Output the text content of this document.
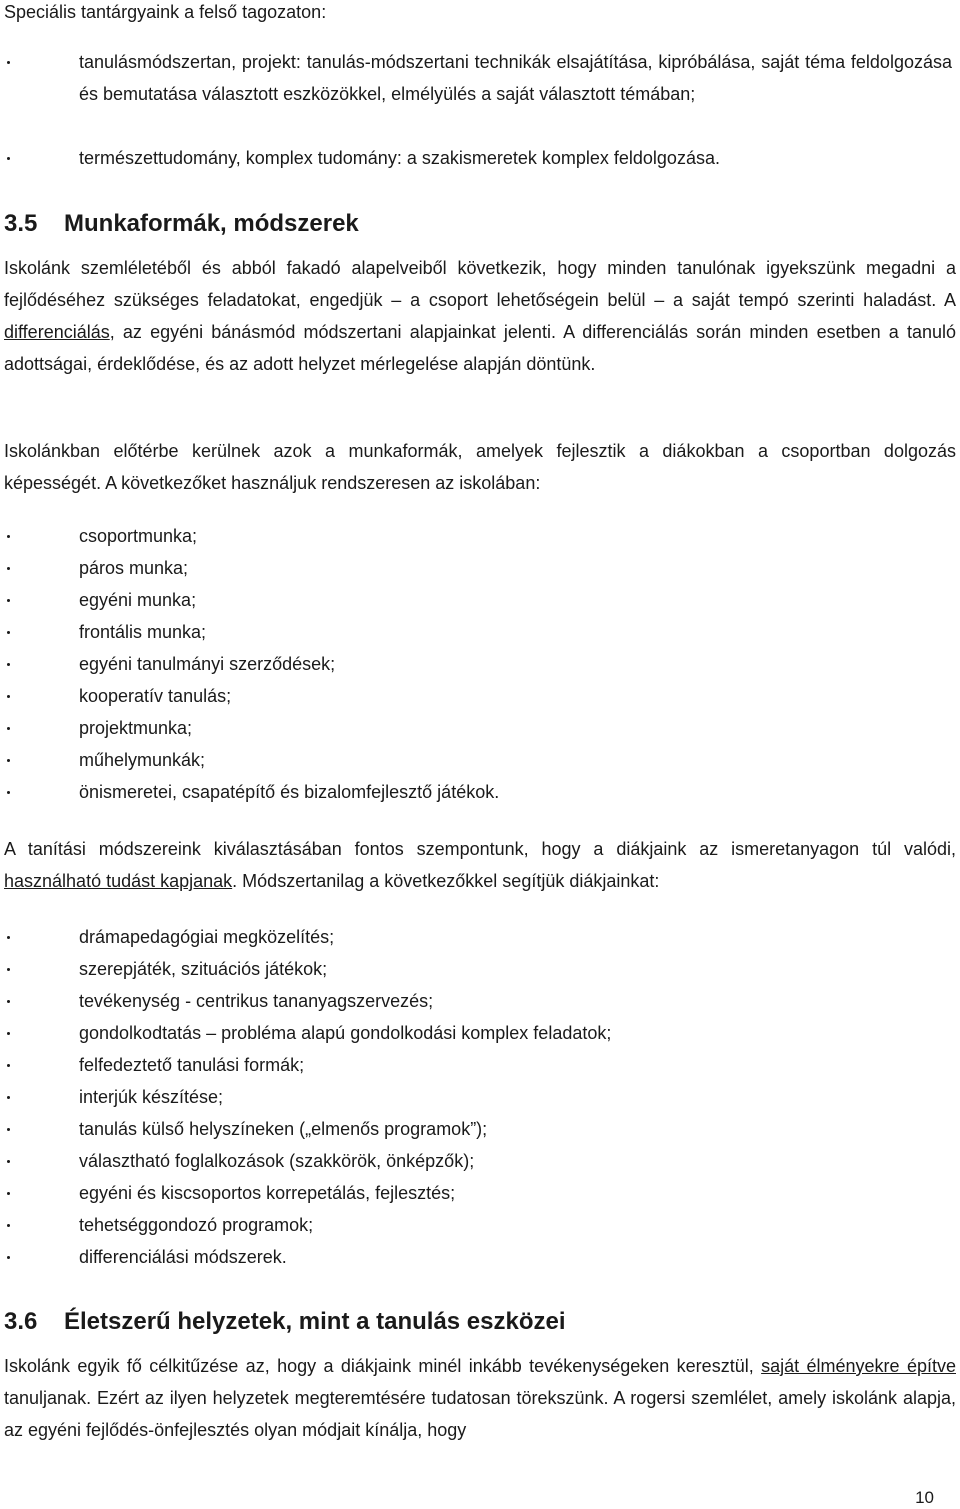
Speciális tantárgyaink a felső tagozaton:

tanulásmódszertan, projekt: tanulás-módszertani technikák elsajátítása, kipróbálása, saját téma feldolgozása és bemutatása választott eszközökkel, elmélyülés a saját választott témában;
természettudomány, komplex tudomány: a szakismeretek komplex feldolgozása.
3.5 Munkaformák, módszerek

Iskolánk szemléletéből és abból fakadó alapelveiből következik, hogy minden tanulónak igyekszünk megadni a fejlődéséhez szükséges feladatokat, engedjük – a csoport lehetőségein belül – a saját tempó szerinti haladást. A differenciálás, az egyéni bánásmód módszertani alapjainkat jelenti. A differenciálás során minden esetben a tanuló adottságai, érdeklődése, és az adott helyzet mérlegelése alapján döntünk.

Iskolánkban előtérbe kerülnek azok a munkaformák, amelyek fejlesztik a diákokban a csoportban dolgozás képességét. A következőket használjuk rendszeresen az iskolában:

csoportmunka;
páros munka;
egyéni munka;
frontális munka;
egyéni tanulmányi szerződések;
kooperatív tanulás;
projektmunka;
műhelymunkák;
önismeretei, csapatépítő és bizalomfejlesztő játékok.

A tanítási módszereink kiválasztásában fontos szempontunk, hogy a diákjaink az ismeretanyagon túl valódi, használható tudást kapjanak. Módszertanilag a következőkkel segítjük diákjainkat:

drámapedagógiai megközelítés;
szerepjáték, szituációs játékok;
tevékenység - centrikus tananyagszervezés;
gondolkodtatás – probléma alapú gondolkodási komplex feladatok;
felfedeztető tanulási formák;
interjúk készítése;
tanulás külső helyszíneken („elmenős programok”);
választható foglalkozások (szakkörök, önképzők);
egyéni és kiscsoportos korrepetálás, fejlesztés;
tehetséggondozó programok;
differenciálási módszerek.
3.6 Életszerű helyzetek, mint a tanulás eszközei

Iskolánk egyik fő célkitűzése az, hogy a diákjaink minél inkább tevékenységeken keresztül, saját élményekre építve tanuljanak. Ezért az ilyen helyzetek megteremtésére tudatosan törekszünk. A rogersi szemlélet, amely iskolánk alapja, az egyéni fejlődés-önfejlesztés olyan módjait kínálja, hogy

10
